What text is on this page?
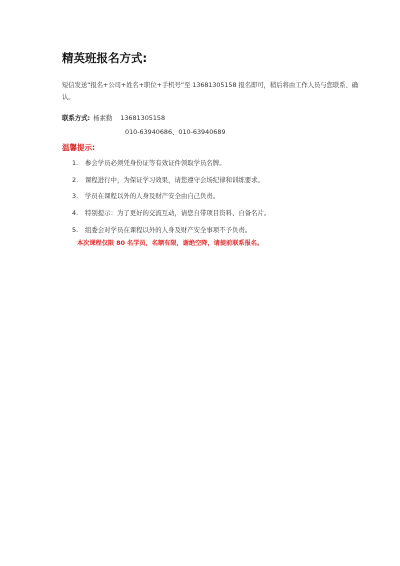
精英班报名方式:
短信发送“报名+公司+姓名+职位+手机号”至 13681305158 报名即可，稍后将由工作人员与您联系、确认。
联系方式: 杨素勤 13681305158
010-63940686、010-63940689
温馨提示:
1.	参会学员必须凭身份证等有效证件领取学员名牌。
2.	课程进行中，为保证学习效果，请您遵守会场纪律和训练要求。
3.	学员在课程以外的人身及财产安全由自己负责。
4.	特别提示：为了更好的交流互动，请您自带项目资料、自备名片。
5.	组委会对学员在课程以外的人身及财产安全事项不予负责。
本次课程仅限 80 名学员，名额有限，谢绝空降，请提前联系报名。
